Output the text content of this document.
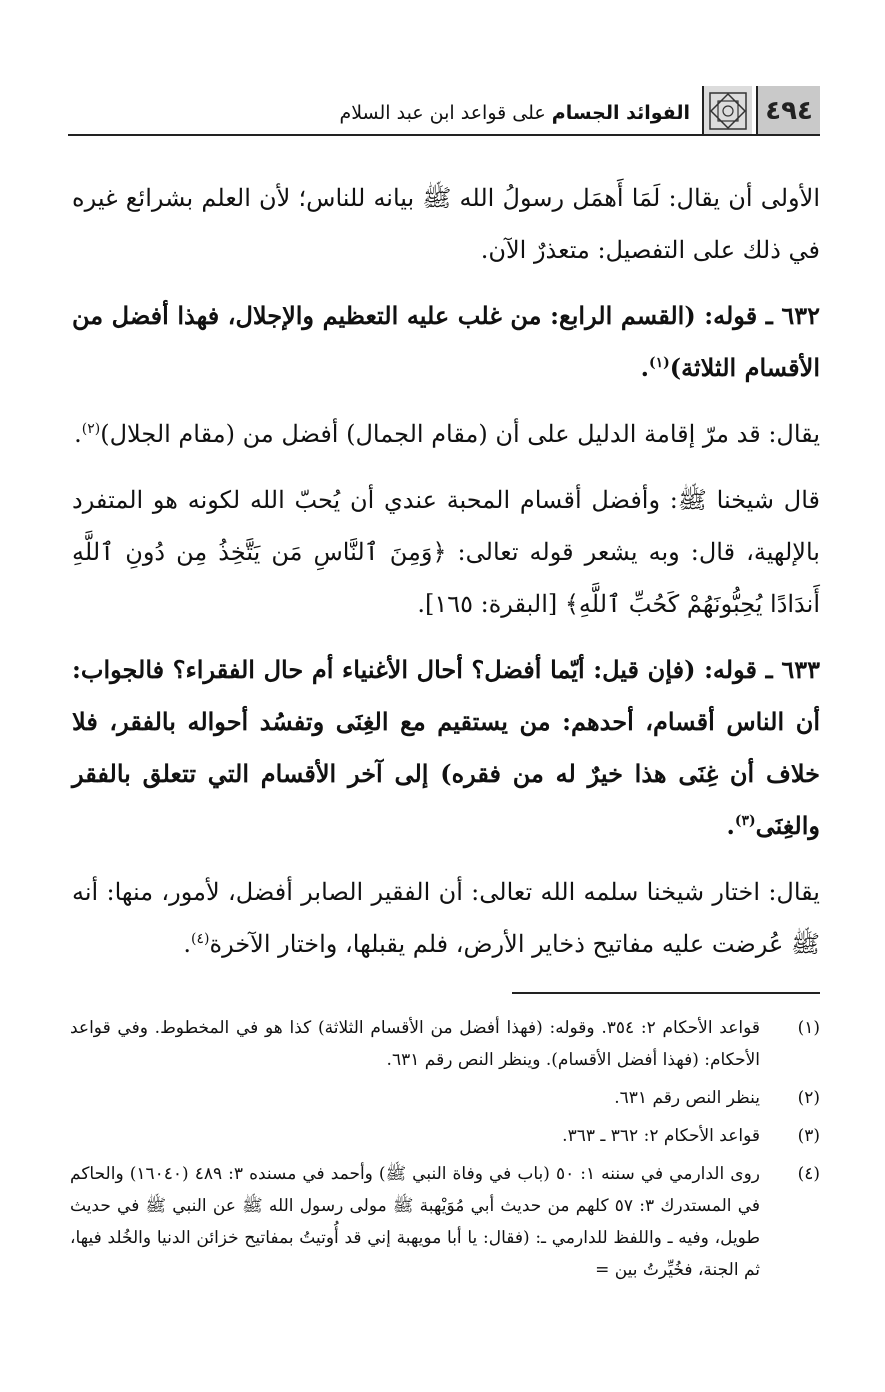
٤٩٤
الفوائد الجسام على قواعد ابن عبد السلام

الأولى أن يقال: لَمَا أَهمَل رسولُ الله ﷺ بيانه للناس؛ لأن العلم بشرائع غيره في ذلك على التفصيل: متعذرٌ الآن.

٦٣٢ ـ قوله: (القسم الرابع: من غلب عليه التعظيم والإجلال، فهذا أفضل من الأقسام الثلاثة)$^{(١)}$.

يقال: قد مرّ إقامة الدليل على أن (مقام الجمال) أفضل من (مقام الجلال)$^{(٢)}$.

قال شيخنا ﷺ: وأفضل أقسام المحبة عندي أن يُحبّ الله لكونه هو المتفرد بالإلهية، قال: وبه يشعر قوله تعالى: ﴿وَمِنَ ٱلنَّاسِ مَن يَتَّخِذُ مِن دُونِ ٱللَّهِ أَندَادًا يُحِبُّونَهُمْ كَحُبِّ ٱللَّهِ﴾ [البقرة: ١٦٥].

٦٣٣ ـ قوله: (فإن قيل: أيّما أفضل؟ أحال الأغنياء أم حال الفقراء؟ فالجواب: أن الناس أقسام، أحدهم: من يستقيم مع الغِنَى وتفسُد أحواله بالفقر، فلا خلاف أن غِنَى هذا خيرٌ له من فقره) إلى آخر الأقسام التي تتعلق بالفقر والغِنَى$^{(٣)}$.

يقال: اختار شيخنا سلمه الله تعالى: أن الفقير الصابر أفضل، لأمور، منها: أنه ﷺ عُرضت عليه مفاتيح ذخاير الأرض، فلم يقبلها، واختار الآخرة$^{(٤)}$.

(١)
قواعد الأحكام ٢: ٣٥٤. وقوله: (فهذا أفضل من الأقسام الثلاثة) كذا هو في المخطوط. وفي قواعد الأحكام: (فهذا أفضل الأقسام). وينظر النص رقم ٦٣١.
(٢)
ينظر النص رقم ٦٣١.
(٣)
قواعد الأحكام ٢: ٣٦٢ ـ ٣٦٣.
(٤)
روى الدارمي في سننه ١: ٥٠ (باب في وفاة النبي ﷺ) وأحمد في مسنده ٣: ٤٨٩ (١٦٠٤٠) والحاكم في المستدرك ٣: ٥٧ كلهم من حديث أبي مُوَيْهبة ﷺ مولى رسول الله ﷺ عن النبي ﷺ في حديث طويل، وفيه ـ واللفظ للدارمي ـ: (فقال: يا أبا مويهبة إني قد أُوتيتُ بمفاتيح خزائن الدنيا والخُلد فيها، ثم الجنة، فخُيِّرتُ بين =
